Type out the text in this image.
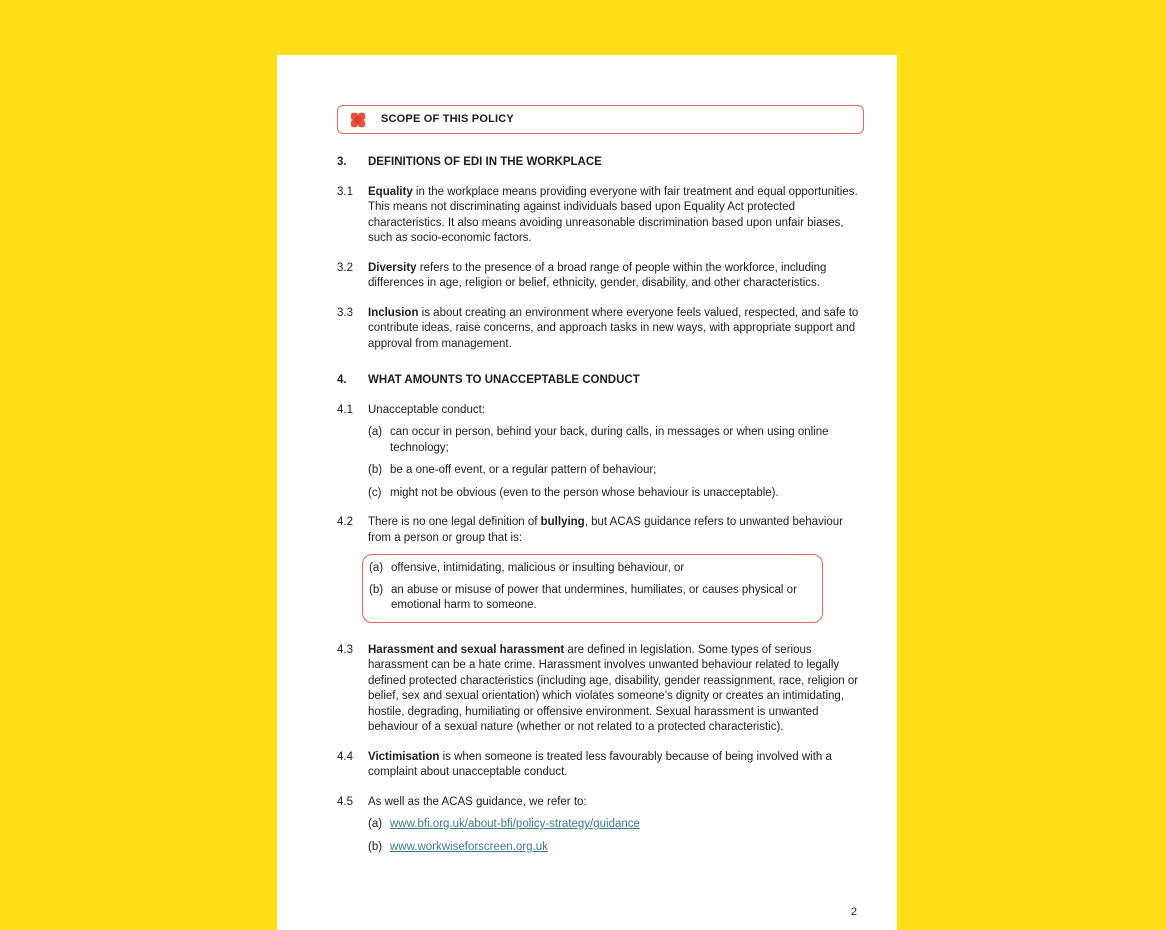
SCOPE OF THIS POLICY
3.	DEFINITIONS OF EDI IN THE WORKPLACE
3.1	Equality in the workplace means providing everyone with fair treatment and equal opportunities. This means not discriminating against individuals based upon Equality Act protected characteristics. It also means avoiding unreasonable discrimination based upon unfair biases, such as socio-economic factors.

3.2	Diversity refers to the presence of a broad range of people within the workforce, including differences in age, religion or belief, ethnicity, gender, disability, and other characteristics.

3.3	Inclusion is about creating an environment where everyone feels valued, respected, and safe to contribute ideas, raise concerns, and approach tasks in new ways, with appropriate support and approval from management.

4.	WHAT AMOUNTS TO UNACCEPTABLE CONDUCT
4.1	Unacceptable conduct:

(a) can occur in person, behind your back, during calls, in messages or when using online technology;
(b) be a one-off event, or a regular pattern of behaviour;
(c) might not be obvious (even to the person whose behaviour is unacceptable).
4.2	There is no one legal definition of bullying, but ACAS guidance refers to unwanted behaviour from a person or group that is:

(a) offensive, intimidating, malicious or insulting behaviour, or
(b) an abuse or misuse of power that undermines, humiliates, or causes physical or emotional harm to someone.
4.3	Harassment and sexual harassment are defined in legislation. Some types of serious harassment can be a hate crime. Harassment involves unwanted behaviour related to legally defined protected characteristics (including age, disability, gender reassignment, race, religion or belief, sex and sexual orientation) which violates someone’s dignity or creates an intimidating, hostile, degrading, humiliating or offensive environment. Sexual harassment is unwanted behaviour of a sexual nature (whether or not related to a protected characteristic).

4.4	Victimisation is when someone is treated less favourably because of being involved with a complaint about unacceptable conduct.

4.5	As well as the ACAS guidance, we refer to:

(a) www.bfi.org.uk/about-bfi/policy-strategy/guidance
(b) www.workwiseforscreen.org.uk
2
